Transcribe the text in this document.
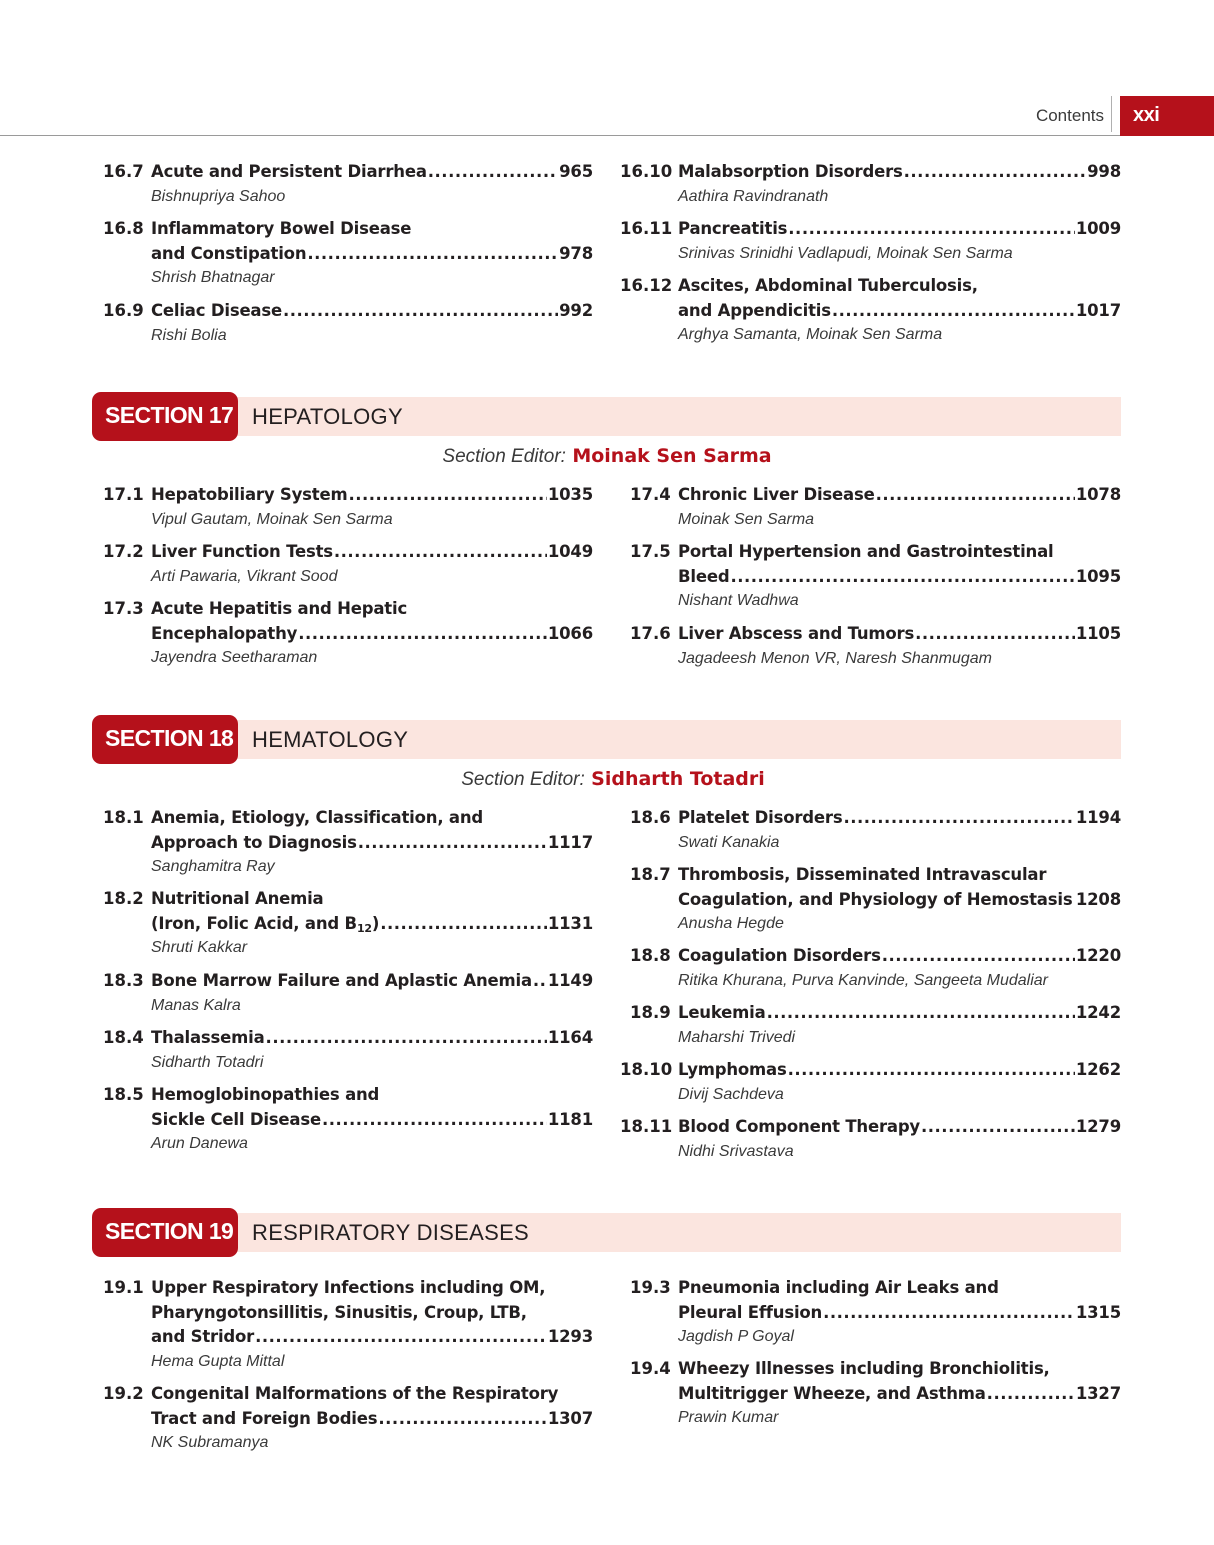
Contents	xxi
16.7 Acute and Persistent Diarrhea .....	965
Bishnupriya Sahoo
16.8 Inflammatory Bowel Disease
and Constipation .....	978
Shrish Bhatnagar
16.9 Celiac Disease .....	992
Rishi Bolia
16.10 Malabsorption Disorders .....	998
Aathira Ravindranath
16.11 Pancreatitis .....	1009
Srinivas Srinidhi Vadlapudi, Moinak Sen Sarma
16.12 Ascites, Abdominal Tuberculosis,
and Appendicitis .....	1017
Arghya Samanta, Moinak Sen Sarma
17.1 Hepatobiliary System .....	1035
Vipul Gautam, Moinak Sen Sarma
17.2 Liver Function Tests .....	1049
Arti Pawaria, Vikrant Sood
17.3 Acute Hepatitis and Hepatic
Encephalopathy .....	1066
Jayendra Seetharaman
17.4 Chronic Liver Disease .....	1078
Moinak Sen Sarma
17.5 Portal Hypertension and Gastrointestinal
Bleed .....	1095
Nishant Wadhwa
17.6 Liver Abscess and Tumors .....	1105
Jagadeesh Menon VR, Naresh Shanmugam
18.1 Anemia, Etiology, Classification, and
Approach to Diagnosis .....	1117
Sanghamitra Ray
18.2 Nutritional Anemia
(Iron, Folic Acid, and $B_{12}$) .....	1131
Shruti Kakkar
18.3 Bone Marrow Failure and Aplastic Anemia ..... 1149
Manas Kalra
18.4 Thalassemia .....	1164
Sidharth Totadri
18.5 Hemoglobinopathies and
Sickle Cell Disease .....	1181
Arun Danewa
18.6 Platelet Disorders .....	1194
Swati Kanakia
18.7 Thrombosis, Disseminated Intravascular
Coagulation, and Physiology of Hemostasis ..... 1208
Anusha Hegde
18.8 Coagulation Disorders .....	1220
Ritika Khurana, Purva Kanvinde, Sangeeta Mudaliar
18.9 Leukemia .....	1242
Maharshi Trivedi
18.10 Lymphomas .....	1262
Divij Sachdeva
18.11 Blood Component Therapy .....	1279
Nidhi Srivastava
19.1 Upper Respiratory Infections including OM,
Pharyngotonsillitis, Sinusitis, Croup, LTB,
and Stridor .....	1293
Hema Gupta Mittal
19.2 Congenital Malformations of the Respiratory
Tract and Foreign Bodies .....	1307
NK Subramanya
19.3 Pneumonia including Air Leaks and
Pleural Effusion .....	1315
Jagdish P Goyal
19.4 Wheezy Illnesses including Bronchiolitis,
Multitrigger Wheeze, and Asthma .....	1327
Prawin Kumar
SECTION 17 HEPATOLOGY
Section Editor: Moinak Sen Sarma
SECTION 18 HEMATOLOGY
Section Editor: Sidharth Totadri
SECTION 19 RESPIRATORY DISEASES
